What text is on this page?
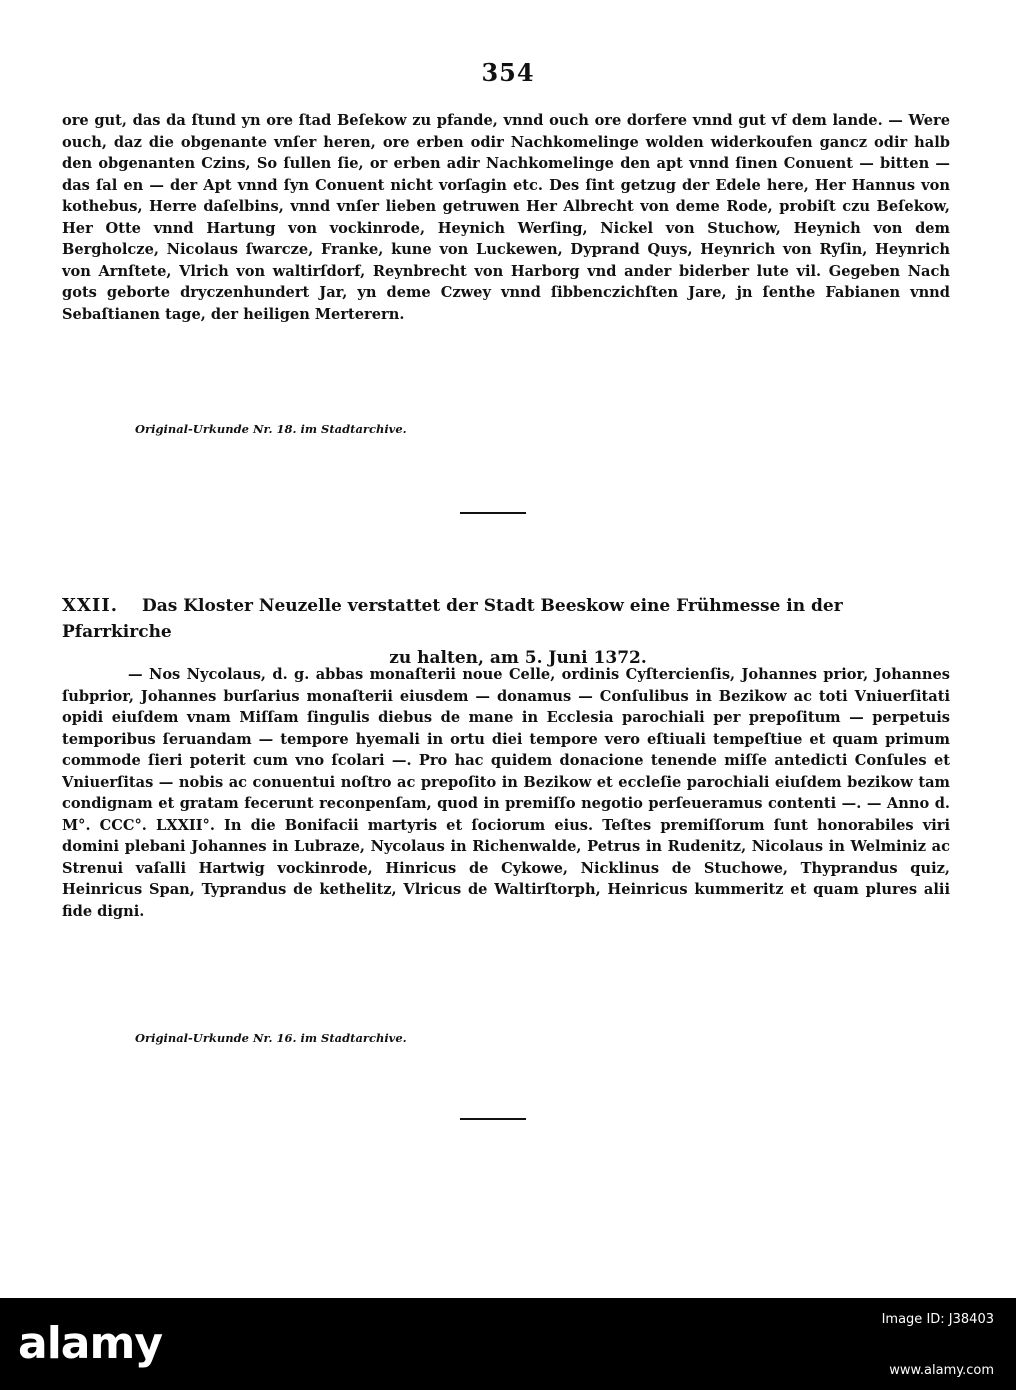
354

ore gut, das da ſtund yn ore ſtad Beſekow zu pfande, vnnd ouch ore dorfere vnnd gut vf dem lande. — Were ouch, daz die obgenante vnſer heren, ore erben odir Nachkomelinge wolden widerkoufen gancz odir halb den obgenanten Czins, So ſullen ſie, or erben adir Nachkomelinge den apt vnnd ſinen Conuent — bitten — das ſal en — der Apt vnnd ſyn Conuent nicht vorſagin etc. Des ſint getzug der Edele here, Her Hannus von kothebus, Herre daſelbins, vnnd vnſer lieben getruwen Her Albrecht von deme Rode, probiſt czu Beſekow, Her Otte vnnd Hartung von vockinrode, Heynich Werſing, Nickel von Stuchow, Heynich von dem Bergholcze, Nicolaus ſwarcze, Franke, kune von Luckewen, Dyprand Quys, Heynrich von Ryſin, Heynrich von Arnſtete, Vlrich von waltirſdorf, Reynbrecht von Harborg vnd ander biderber lute vil. Gegeben Nach gots geborte dryczenhundert Jar, yn deme Czwey vnnd ſibbenczichſten Jare, jn ſenthe Fabianen vnnd Sebaſtianen tage, der heiligen Merterern.

Original-Urkunde Nr. 18. im Stadtarchive.

XXII. Das Kloster Neuzelle verstattet der Stadt Beeskow eine Frühmesse in der Pfarrkirche
zu halten, am 5. Juni 1372.

— Nos Nycolaus, d. g. abbas monaſterii noue Celle, ordinis Cyſtercienſis, Johannes prior, Johannes ſubprior, Johannes burſarius monaſterii eiusdem — donamus — Conſulibus in Bezikow ac toti Vniuerſitati opidi eiuſdem vnam Miſſam ſingulis diebus de mane in Ecclesia parochiali per prepoſitum — perpetuis temporibus ſeruandam — tempore hyemali in ortu diei tempore vero eſtiuali tempeſtiue et quam primum commode ſieri poterit cum vno ſcolari —. Pro hac quidem donacione tenende miſſe antedicti Conſules et Vniuerſitas — nobis ac conuentui noſtro ac prepoſito in Bezikow et eccleſie parochiali eiuſdem bezikow tam condignam et gratam fecerunt reconpenſam, quod in premiſſo negotio perſeueramus contenti —. — Anno d. M°. CCC°. LXXII°. In die Bonifacii martyris et ſociorum eius. Teſtes premiſſorum ſunt honorabiles viri domini plebani Johannes in Lubraze, Nycolaus in Richenwalde, Petrus in Rudenitz, Nicolaus in Welminiz ac Strenui vaſalli Hartwig vockinrode, Hinricus de Cykowe, Nicklinus de Stuchowe, Thyprandus quiz, Heinricus Span, Typrandus de kethelitz, Vlricus de Waltirſtorph, Heinricus kummeritz et quam plures alii fide digni.

Original-Urkunde Nr. 16. im Stadtarchive.

alamy	Image ID: J38403
www.alamy.com
